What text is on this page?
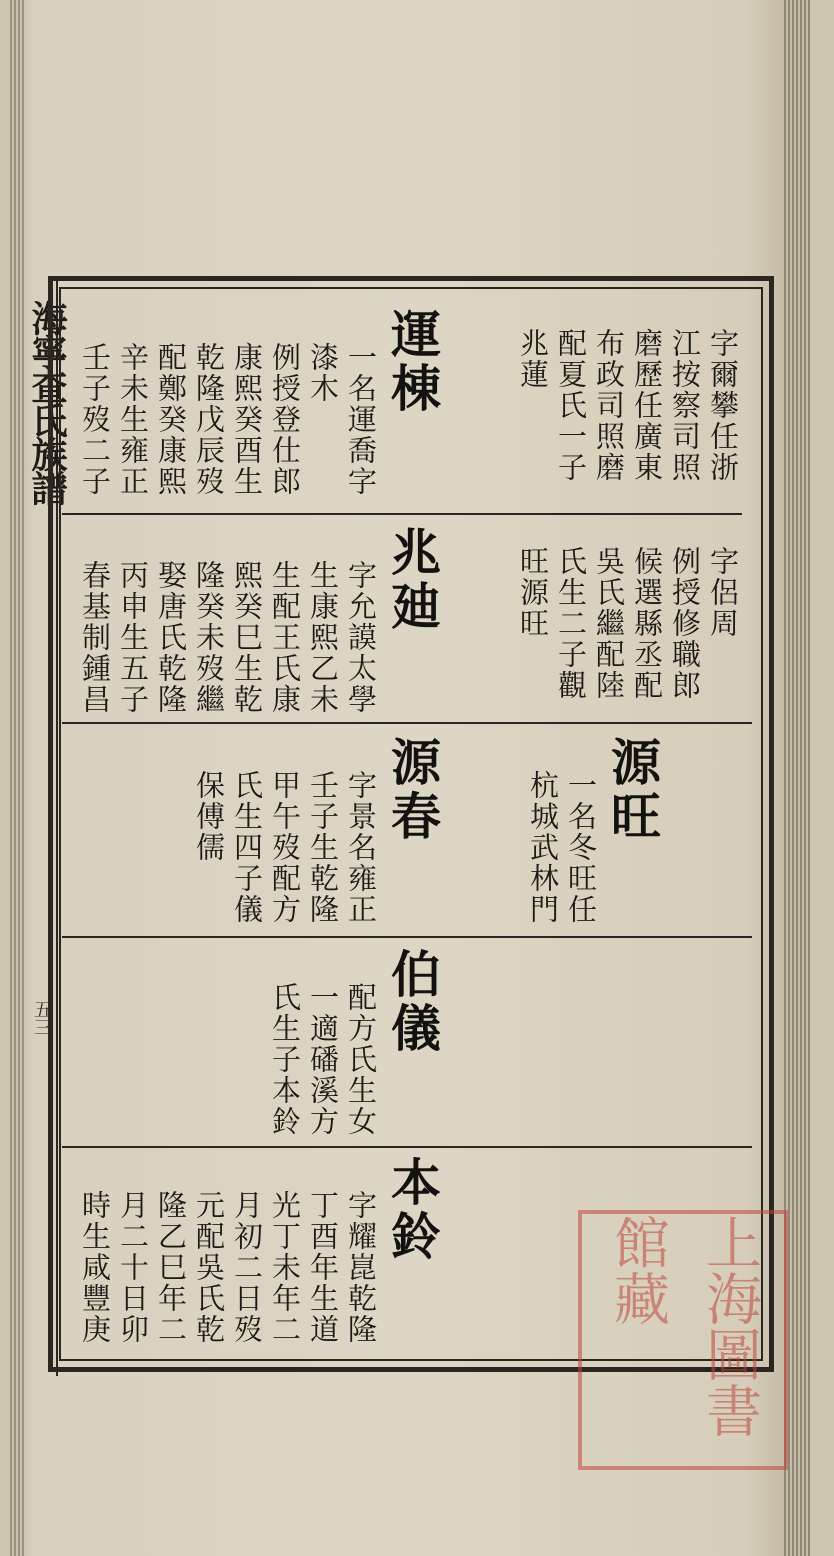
海寧查氏族譜
五三
字爾攀任浙
江按察司照
磨歷任廣東
布政司照磨
配夏氏一子
兆蓮
運棟
一名運喬字
漆木
例授登仕郎
康熙癸酉生
乾隆戊辰歿
配鄭癸康熙
辛未生雍正
壬子歿二子
字侶周
例授修職郎
候選縣丞配
吳氏繼配陸
氏生二子觀
旺源旺
兆廸
字允謨太學
生康熙乙未
生配王氏康
熙癸巳生乾
隆癸未歿繼
娶唐氏乾隆
丙申生五子
春基制鍾昌
源旺
一名冬旺任
杭城武林門
源春
字景名雍正
壬子生乾隆
甲午歿配方
氏生四子儀
保傅儒
伯儀
配方氏生女
一適磻溪方
氏生子本鈴
本鈴
字耀崑乾隆
丁酉年生道
光丁未年二
月初二日歿
元配吳氏乾
隆乙巳年二
月二十日卯
時生咸豐庚	上海圖書館藏
